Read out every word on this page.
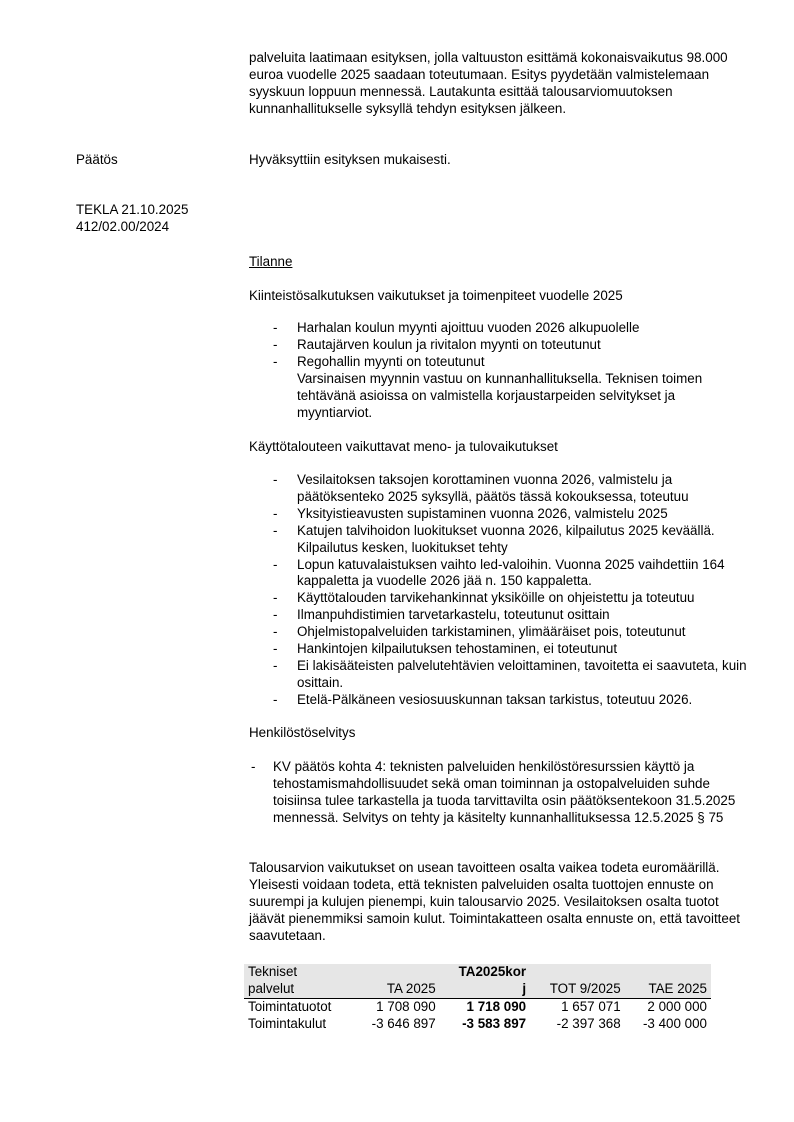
palveluita laatimaan esityksen, jolla valtuuston esittämä kokonaisvaikutus 98.000 euroa vuodelle 2025 saadaan toteutumaan. Esitys pyydetään valmistelemaan syyskuun loppuun mennessä. Lautakunta esittää talousarviomuutoksen kunnanhallitukselle syksyllä tehdyn esityksen jälkeen.

Päätös	Hyväksyttiin esityksen mukaisesti.

TEKLA 21.10.2025
412/02.00/2024

Tilanne

Kiinteistösalkutuksen vaikutukset ja toimenpiteet vuodelle 2025

- Harhalan koulun myynti ajoittuu vuoden 2026 alkupuolelle
- Rautajärven koulun ja rivitalon myynti on toteutunut
- Regohallin myynti on toteutunut

Varsinaisen myynnin vastuu on kunnanhallituksella. Teknisen toimen tehtävänä asioissa on valmistella korjaustarpeiden selvitykset ja myyntiarviot.

Käyttötalouteen vaikuttavat meno- ja tulovaikutukset

- Vesilaitoksen taksojen korottaminen vuonna 2026, valmistelu ja päätöksenteko 2025 syksyllä, päätös tässä kokouksessa, toteutuu
- Yksityistieavusten supistaminen vuonna 2026, valmistelu 2025
- Katujen talvihoidon luokitukset vuonna 2026, kilpailutus 2025 keväällä. Kilpailutus kesken, luokitukset tehty
- Lopun katuvalaistuksen vaihto led-valoihin. Vuonna 2025 vaihdettiin 164 kappaletta ja vuodelle 2026 jää n. 150 kappaletta.
- Käyttötalouden tarvikehankinnat yksiköille on ohjeistettu ja toteutuu
- Ilmanpuhdistimien tarvetarkastelu, toteutunut osittain
- Ohjelmistopalveluiden tarkistaminen, ylimääräiset pois, toteutunut
- Hankintojen kilpailutuksen tehostaminen, ei toteutunut
- Ei lakisääteisten palvelutehtävien veloittaminen, tavoitetta ei saavuteta, kuin osittain.
- Etelä-Pälkäneen vesiosuuskunnan taksan tarkistus, toteutuu 2026.

Henkilöstöselvitys

- KV päätös kohta 4: teknisten palveluiden henkilöstöresurssien käyttö ja tehostamismahdollisuudet sekä oman toiminnan ja ostopalveluiden suhde toisiinsa tulee tarkastella ja tuoda tarvittavilta osin päätöksentekoon 31.5.2025 mennessä. Selvitys on tehty ja käsitelty kunnanhallituksessa 12.5.2025 § 75

Talousarvion vaikutukset on usean tavoitteen osalta vaikea todeta euromäärillä. Yleisesti voidaan todeta, että teknisten palveluiden osalta tuottojen ennuste on suurempi ja kulujen pienempi, kuin talousarvio 2025. Vesilaitoksen osalta tuotot jäävät pienemmiksi samoin kulut. Toimintakatteen osalta ennuste on, että tavoitteet saavutetaan.

Tekniset		TA2025kor		
palvelut	TA 2025	j	TOT 9/2025	TAE 2025
Toimintatuotot	1 708 090	1 718 090	1 657 071	2 000 000
Toimintakulut	-3 646 897	-3 583 897	-2 397 368	-3 400 000
